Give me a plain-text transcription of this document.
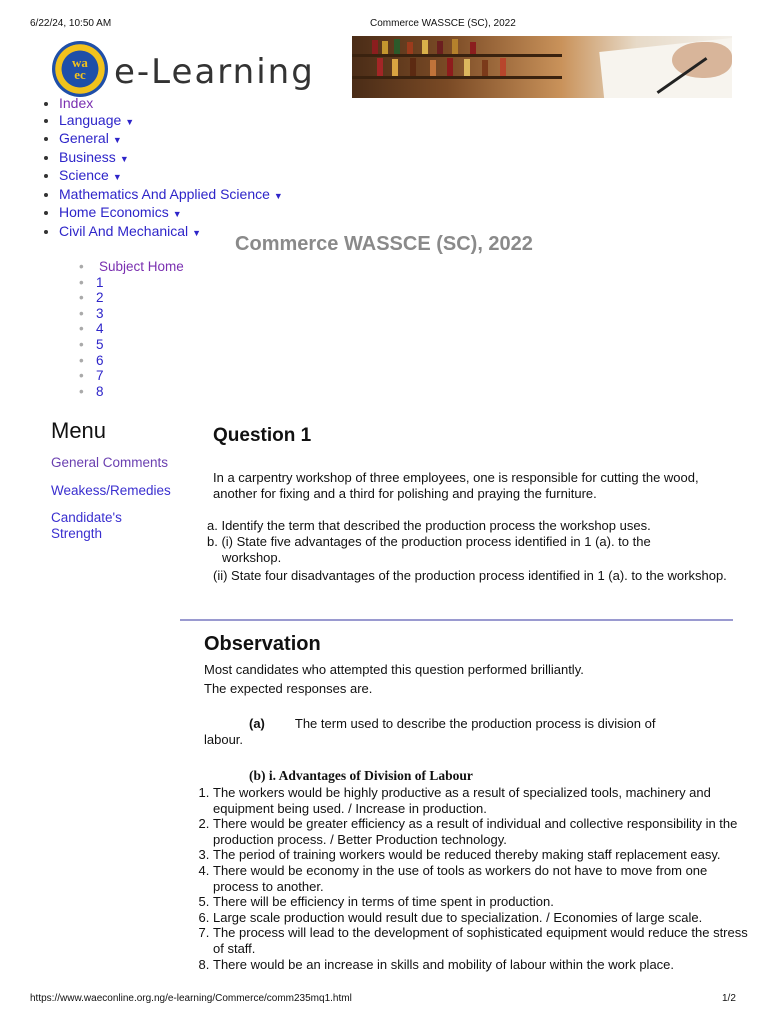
6/22/24, 10:50 AM	Commerce WASSCE (SC), 2022
wa ec e-Learning
• Index
• Language ▼
• General ▼
• Business ▼
• Science ▼
• Mathematics And Applied Science ▼
• Home Economics ▼
• Civil And Mechanical ▼
Commerce WASSCE (SC), 2022
• Subject Home
• 1
• 2
• 3
• 4
• 5
• 6
• 7
• 8
Menu
General Comments
Weakess/Remedies
Candidate's
Strength
Question 1
In a carpentry workshop of three employees, one is responsible for cutting the wood, another for fixing and a third for polishing and praying the furniture.
a. Identify the term that described the production process the workshop uses.
b. (i) State five advantages of the production process identified in 1 (a). to the
workshop.
(ii) State four disadvantages of the production process identified in 1 (a). to the workshop.
Observation
Most candidates who attempted this question performed brilliantly.
The expected responses are.
(a) The term used to describe the production process is division of
labour.
(b) i. Advantages of Division of Labour
1. The workers would be highly productive as a result of specialized tools, machinery and equipment being used. / Increase in production.
2. There would be greater efficiency as a result of individual and collective responsibility in the production process. / Better Production technology.
3. The period of training workers would be reduced thereby making staff replacement easy.
4. There would be economy in the use of tools as workers do not have to move from one process to another.
5. There will be efficiency in terms of time spent in production.
6. Large scale production would result due to specialization. / Economies of large scale.
7. The process will lead to the development of sophisticated equipment would reduce the stress of staff.
8. There would be an increase in skills and mobility of labour within the work place.
https://www.waeconline.org.ng/e-learning/Commerce/comm235mq1.html	1/2
